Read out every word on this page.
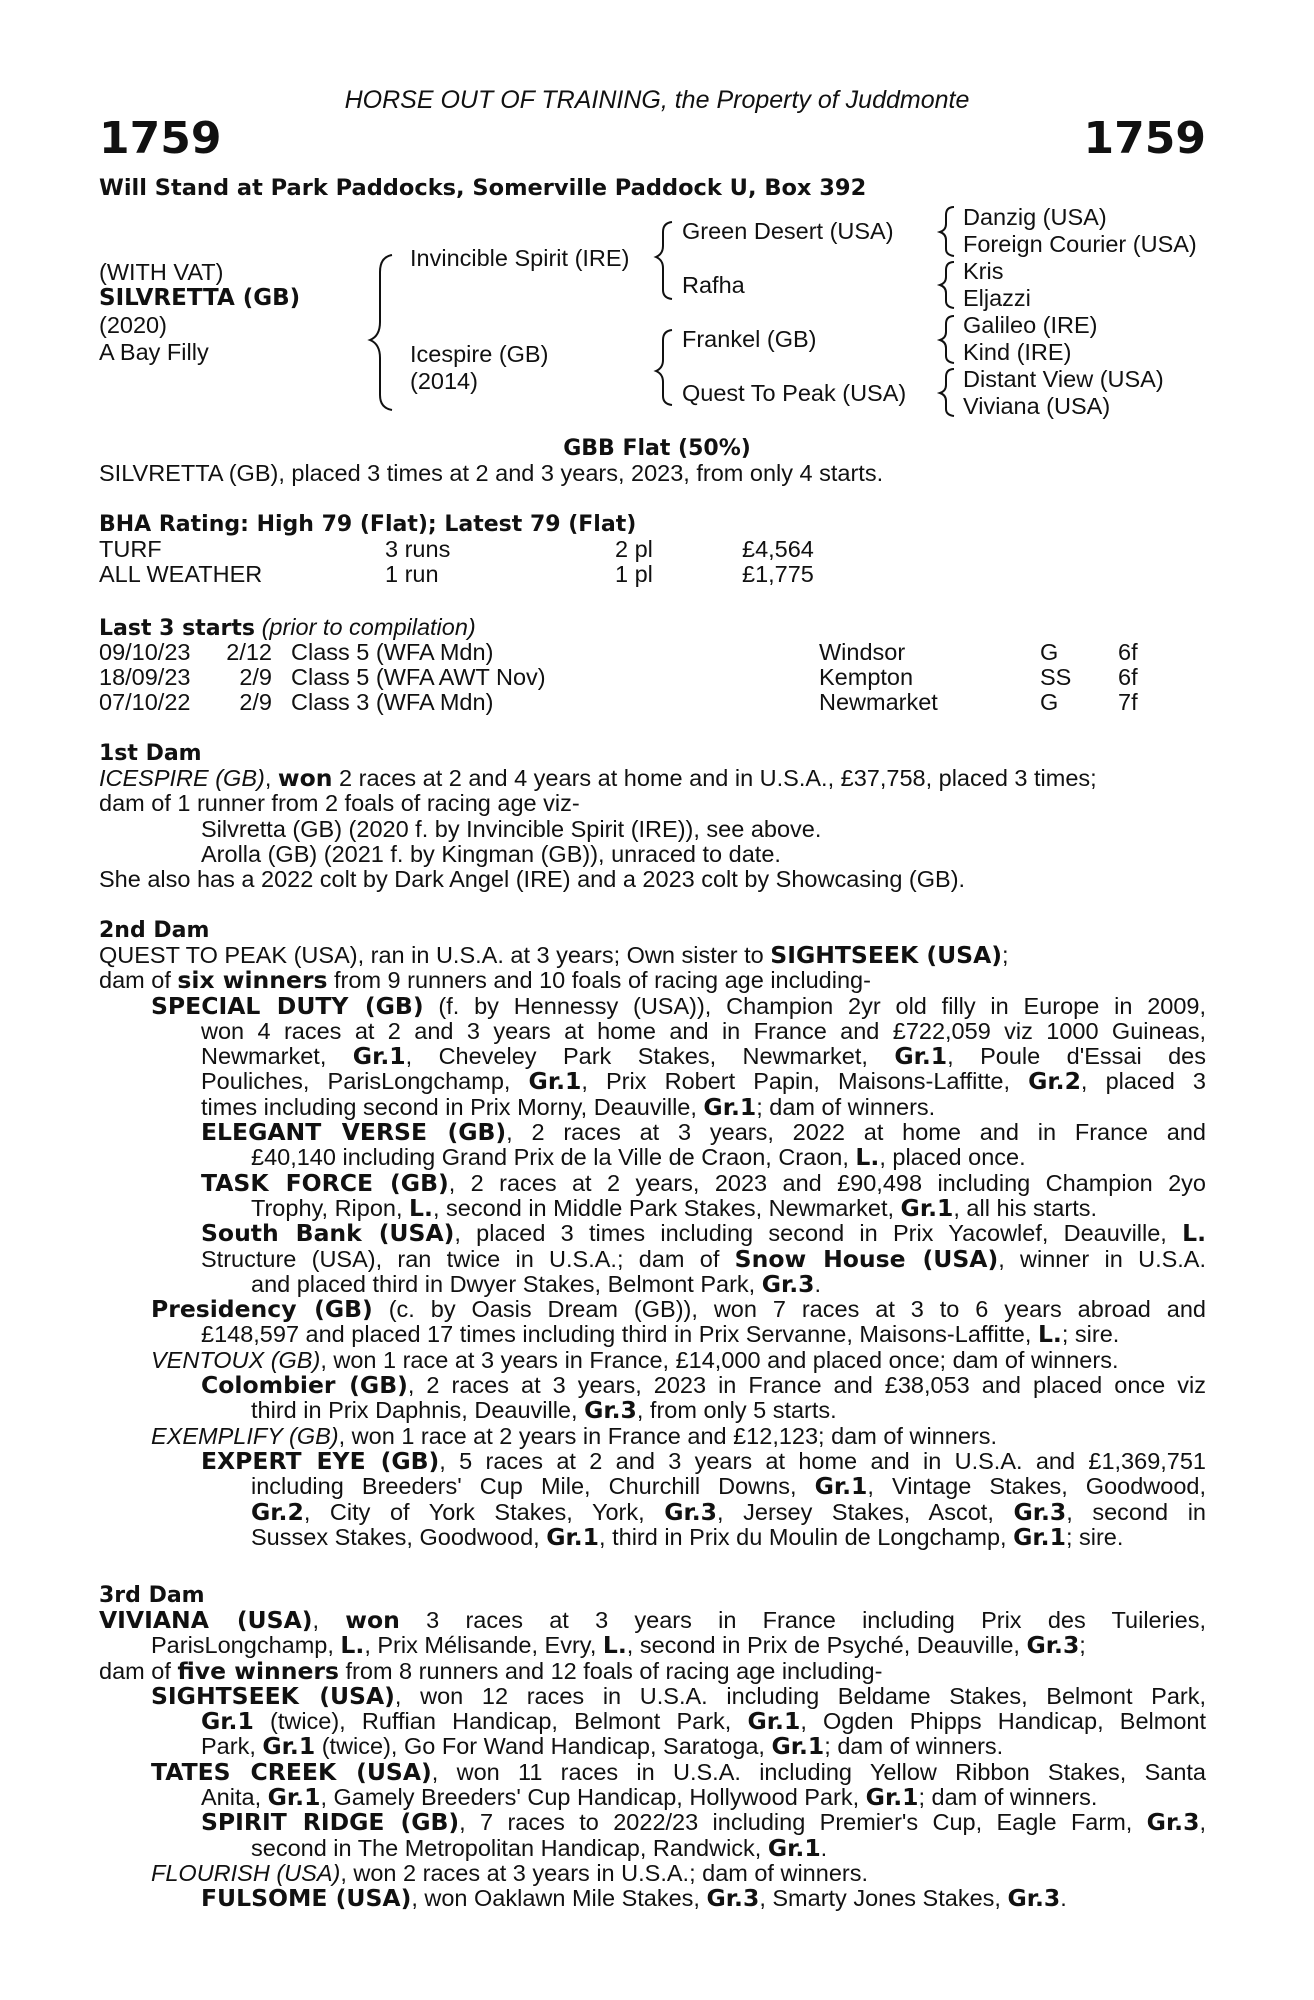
HORSE OUT OF TRAINING, the Property of Juddmonte
1759	1759
Will Stand at Park Paddocks, Somerville Paddock U, Box 392
(WITH VAT)
SILVRETTA (GB)
(2020)
A Bay Filly
Invincible Spirit (IRE)
Icespire (GB)
(2014)
Green Desert (USA)
Rafha
Frankel (GB)
Quest To Peak (USA)
Danzig (USA)
Foreign Courier (USA)
Kris
Eljazzi
Galileo (IRE)
Kind (IRE)
Distant View (USA)
Viviana (USA)
GBB Flat (50%)
SILVRETTA (GB), placed 3 times at 2 and 3 years, 2023, from only 4 starts.
BHA Rating: High 79 (Flat); Latest 79 (Flat)
TURF	3 runs	2 pl	£4,564
ALL WEATHER	1 run	1 pl	£1,775
Last 3 starts (prior to compilation)
09/10/23 2/12 Class 5 (WFA Mdn)	Windsor	G	6f
18/09/23	2/9 Class 5 (WFA AWT Nov)	Kempton	SS 6f
07/10/22	2/9 Class 3 (WFA Mdn)	Newmarket	G	7f
1st Dam
ICESPIRE (GB), won 2 races at 2 and 4 years at home and in U.S.A., £37,758, placed 3 times;
dam of 1 runner from 2 foals of racing age viz-
Silvretta (GB) (2020 f. by Invincible Spirit (IRE)), see above.
Arolla (GB) (2021 f. by Kingman (GB)), unraced to date.
She also has a 2022 colt by Dark Angel (IRE) and a 2023 colt by Showcasing (GB).
2nd Dam
QUEST TO PEAK (USA), ran in U.S.A. at 3 years; Own sister to SIGHTSEEK (USA);
dam of six winners from 9 runners and 10 foals of racing age including-
SPECIAL DUTY (GB) (f. by Hennessy (USA)), Champion 2yr old filly in Europe in 2009,
won 4 races at 2 and 3 years at home and in France and £722,059 viz 1000 Guineas,
Newmarket, Gr.1, Cheveley Park Stakes, Newmarket, Gr.1, Poule d'Essai des
Pouliches, ParisLongchamp, Gr.1, Prix Robert Papin, Maisons-Laffitte, Gr.2, placed 3
times including second in Prix Morny, Deauville, Gr.1; dam of winners.
ELEGANT VERSE (GB), 2 races at 3 years, 2022 at home and in France and
£40,140 including Grand Prix de la Ville de Craon, Craon, L., placed once.
TASK FORCE (GB), 2 races at 2 years, 2023 and £90,498 including Champion 2yo
Trophy, Ripon, L., second in Middle Park Stakes, Newmarket, Gr.1, all his starts.
South Bank (USA), placed 3 times including second in Prix Yacowlef, Deauville, L.
Structure (USA), ran twice in U.S.A.; dam of Snow House (USA), winner in U.S.A.
and placed third in Dwyer Stakes, Belmont Park, Gr.3.
Presidency (GB) (c. by Oasis Dream (GB)), won 7 races at 3 to 6 years abroad and
£148,597 and placed 17 times including third in Prix Servanne, Maisons-Laffitte, L.; sire.
VENTOUX (GB), won 1 race at 3 years in France, £14,000 and placed once; dam of winners.
Colombier (GB), 2 races at 3 years, 2023 in France and £38,053 and placed once viz
third in Prix Daphnis, Deauville, Gr.3, from only 5 starts.
EXEMPLIFY (GB), won 1 race at 2 years in France and £12,123; dam of winners.
EXPERT EYE (GB), 5 races at 2 and 3 years at home and in U.S.A. and £1,369,751
including Breeders' Cup Mile, Churchill Downs, Gr.1, Vintage Stakes, Goodwood,
Gr.2, City of York Stakes, York, Gr.3, Jersey Stakes, Ascot, Gr.3, second in
Sussex Stakes, Goodwood, Gr.1, third in Prix du Moulin de Longchamp, Gr.1; sire.
3rd Dam
VIVIANA (USA), won 3 races at 3 years in France including Prix des Tuileries,
ParisLongchamp, L., Prix Mélisande, Evry, L., second in Prix de Psyché, Deauville, Gr.3;
dam of five winners from 8 runners and 12 foals of racing age including-
SIGHTSEEK (USA), won 12 races in U.S.A. including Beldame Stakes, Belmont Park,
Gr.1 (twice), Ruffian Handicap, Belmont Park, Gr.1, Ogden Phipps Handicap, Belmont
Park, Gr.1 (twice), Go For Wand Handicap, Saratoga, Gr.1; dam of winners.
TATES CREEK (USA), won 11 races in U.S.A. including Yellow Ribbon Stakes, Santa
Anita, Gr.1, Gamely Breeders' Cup Handicap, Hollywood Park, Gr.1; dam of winners.
SPIRIT RIDGE (GB), 7 races to 2022/23 including Premier's Cup, Eagle Farm, Gr.3,
second in The Metropolitan Handicap, Randwick, Gr.1.
FLOURISH (USA), won 2 races at 3 years in U.S.A.; dam of winners.
FULSOME (USA), won Oaklawn Mile Stakes, Gr.3, Smarty Jones Stakes, Gr.3.
